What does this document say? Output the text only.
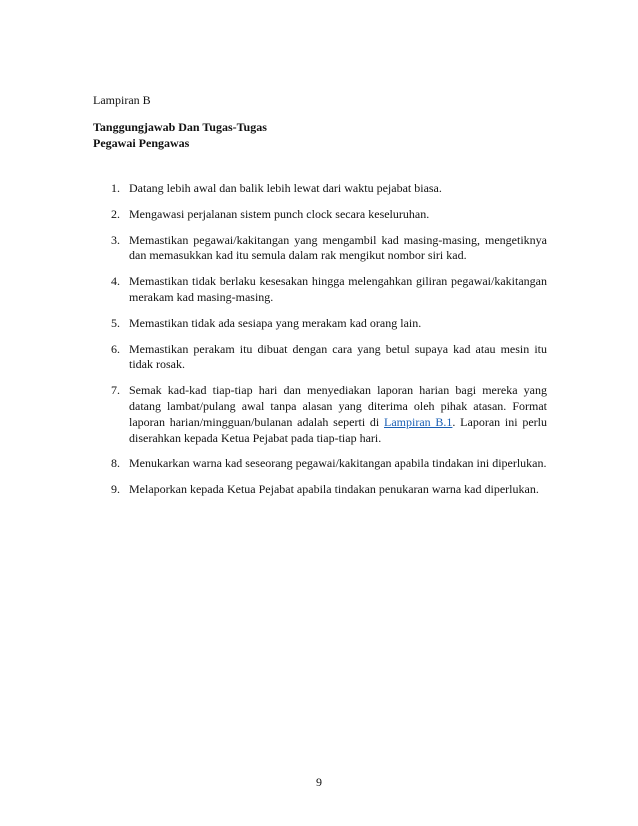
Lampiran B
Tanggungjawab Dan Tugas-Tugas
Pegawai Pengawas
1. Datang lebih awal dan balik lebih lewat dari waktu pejabat biasa.
2. Mengawasi perjalanan sistem punch clock secara keseluruhan.
3. Memastikan pegawai/kakitangan yang mengambil kad masing-masing, mengetiknya dan memasukkan kad itu semula dalam rak mengikut nombor siri kad.
4. Memastikan tidak berlaku kesesakan hingga melengahkan giliran pegawai/kakitangan merakam kad masing-masing.
5. Memastikan tidak ada sesiapa yang merakam kad orang lain.
6. Memastikan perakam itu dibuat dengan cara yang betul supaya kad atau mesin itu tidak rosak.
7. Semak kad-kad tiap-tiap hari dan menyediakan laporan harian bagi mereka yang datang lambat/pulang awal tanpa alasan yang diterima oleh pihak atasan. Format laporan harian/mingguan/bulanan adalah seperti di Lampiran B.1. Laporan ini perlu diserahkan kepada Ketua Pejabat pada tiap-tiap hari.
8. Menukarkan warna kad seseorang pegawai/kakitangan apabila tindakan ini diperlukan.
9. Melaporkan kepada Ketua Pejabat apabila tindakan penukaran warna kad diperlukan.
9
